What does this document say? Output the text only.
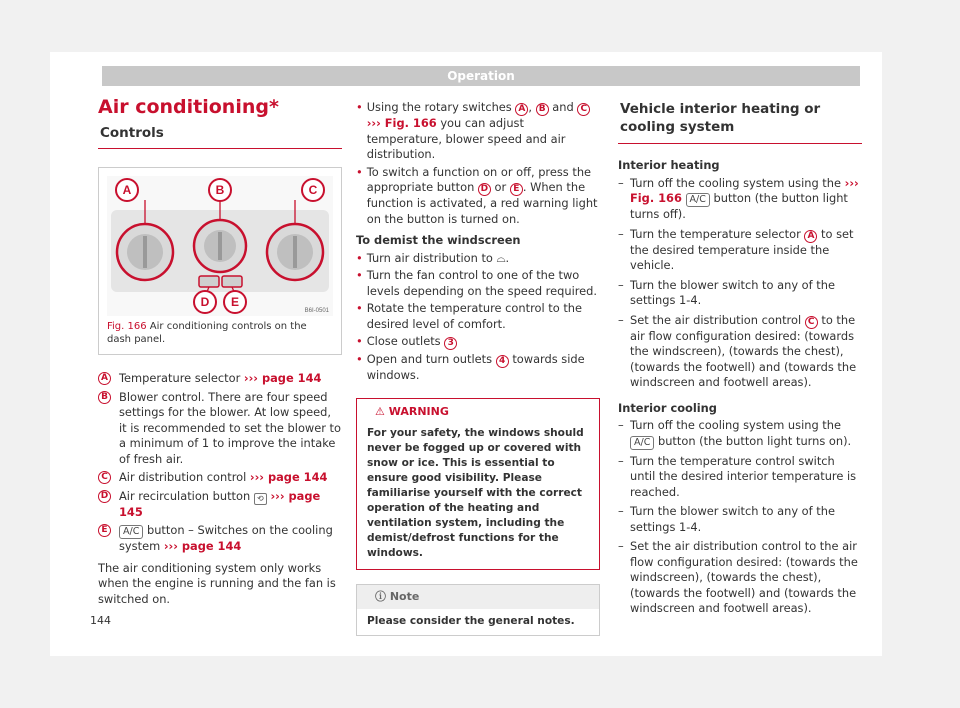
Operation
Air conditioning*
Controls
A	B	C
D E
B6I-0501
Fig. 166 Air conditioning controls on the dash panel.
A Temperature selector ››› page 144
B Blower control. There are four speed settings for the blower. At low speed, it is recommended to set the blower to a minimum of 1 to improve the intake of fresh air.
C Air distribution control ››› page 144
D Air recirculation button ⟲ ››› page 145
E	A/C button – Switches on the cooling system ››› page 144
The air conditioning system only works when the engine is running and the fan is switched on.
• Using the rotary switches A , B and C ››› Fig. 166 you can adjust temperature, blower speed and air distribution.
• To switch a function on or off, press the appropriate button D or E . When the function is activated, a red warning light on the button is turned on.
To demist the windscreen
• Turn air distribution to ⌓.
• Turn the fan control to one of the two levels depending on the speed required.
• Rotate the temperature control to the desired level of comfort.
• Close outlets 3
• Open and turn outlets 4 towards side windows.
⚠ WARNING
For your safety, the windows should never be fogged up or covered with snow or ice. This is essential to ensure good visibility. Please familiarise yourself with the correct operation of the heating and ventilation system, including the demist/defrost functions for the windows.
ⓘ Note
Please consider the general notes.
Vehicle interior heating or cooling system
Interior heating
– Turn off the cooling system using the ››› Fig. 166 A/C button (the button light turns off).
– Turn the temperature selector A to set the desired temperature inside the vehicle.
– Turn the blower switch to any of the settings 1-4.
– Set the air distribution control C to the air flow configuration desired: (towards the windscreen), (towards the chest), (towards the footwell) and (towards the windscreen and footwell areas).
Interior cooling
– Turn off the cooling system using the A/C button (the button light turns on).
– Turn the temperature control switch until the desired interior temperature is reached.
– Turn the blower switch to any of the settings 1-4.
– Set the air distribution control to the air flow configuration desired: (towards the windscreen), (towards the chest), (towards the footwell) and (towards the windscreen and footwell areas).
144
